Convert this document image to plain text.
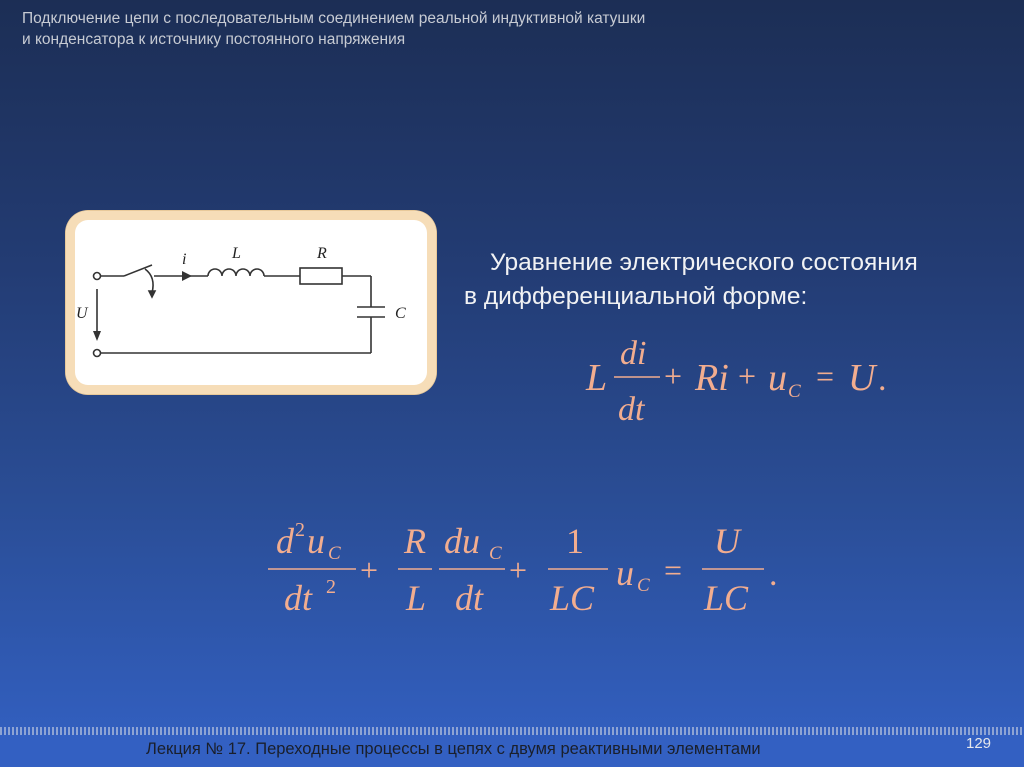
Подключение цепи с последовательным соединением реальной индуктивной катушки
и конденсатора к источнику постоянного напряжения
i	L	R
C
U
Уравнение электрического состояния
в дифференциальной форме:
L
di
dt
+ Ri + u C = U .
d 2 u C
dt 2 +
R
L
du C
dt
+
1
LC
u C =
U
LC
.
Лекция № 17. Переходные процессы в цепях с двумя реактивными элементами	129
